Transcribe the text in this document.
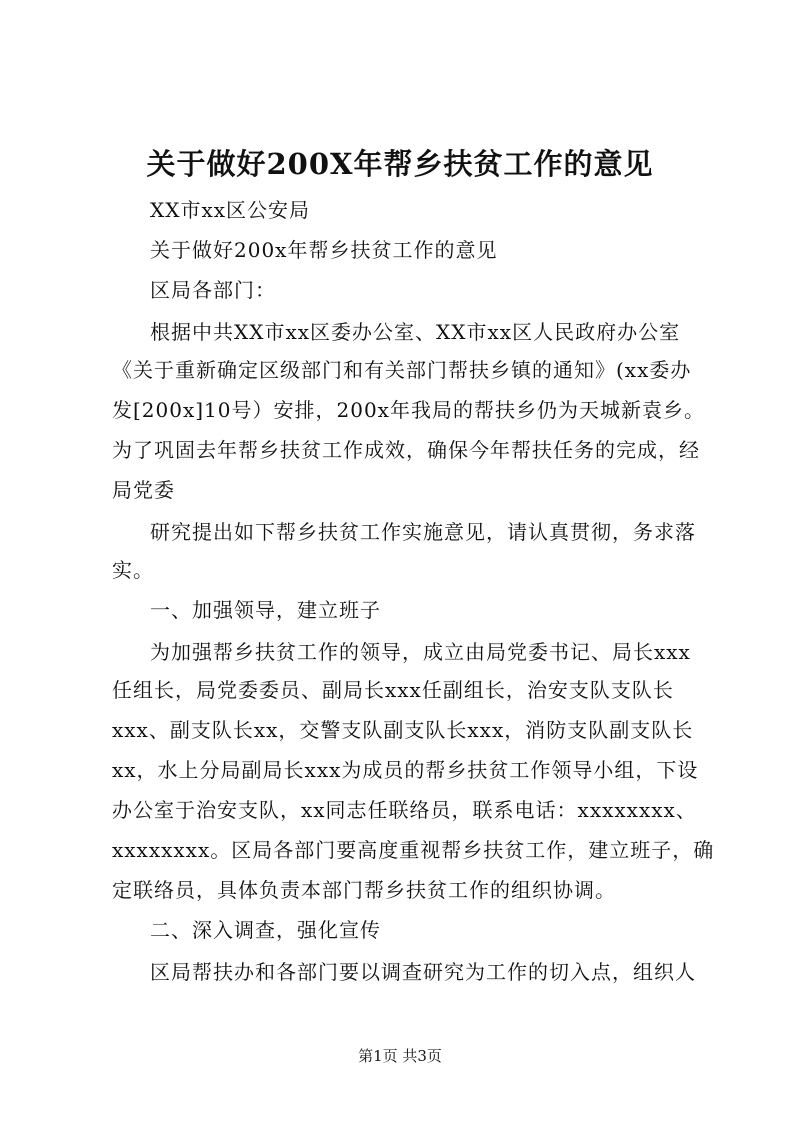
关于做好200X年帮乡扶贫工作的意见
XX市xx区公安局
关于做好200x年帮乡扶贫工作的意见
区局各部门：
根据中共XX市xx区委办公室、XX市xx区人民政府办公室
《关于重新确定区级部门和有关部门帮扶乡镇的通知》(xx委办
发[200x]10号）安排，200x年我局的帮扶乡仍为天城新袁乡。
为了巩固去年帮乡扶贫工作成效，确保今年帮扶任务的完成，经
局党委
研究提出如下帮乡扶贫工作实施意见，请认真贯彻，务求落
实。
一、加强领导，建立班子
为加强帮乡扶贫工作的领导，成立由局党委书记、局长xxx
任组长，局党委委员、副局长xxx任副组长，治安支队支队长
xxx、副支队长xx，交警支队副支队长xxx，消防支队副支队长
xx，水上分局副局长xxx为成员的帮乡扶贫工作领导小组，下设
办公室于治安支队，xx同志任联络员，联系电话：xxxxxxxx、
xxxxxxxx。区局各部门要高度重视帮乡扶贫工作，建立班子，确
定联络员，具体负责本部门帮乡扶贫工作的组织协调。
二、深入调查，强化宣传
区局帮扶办和各部门要以调查研究为工作的切入点，组织人
第1页 共3页
